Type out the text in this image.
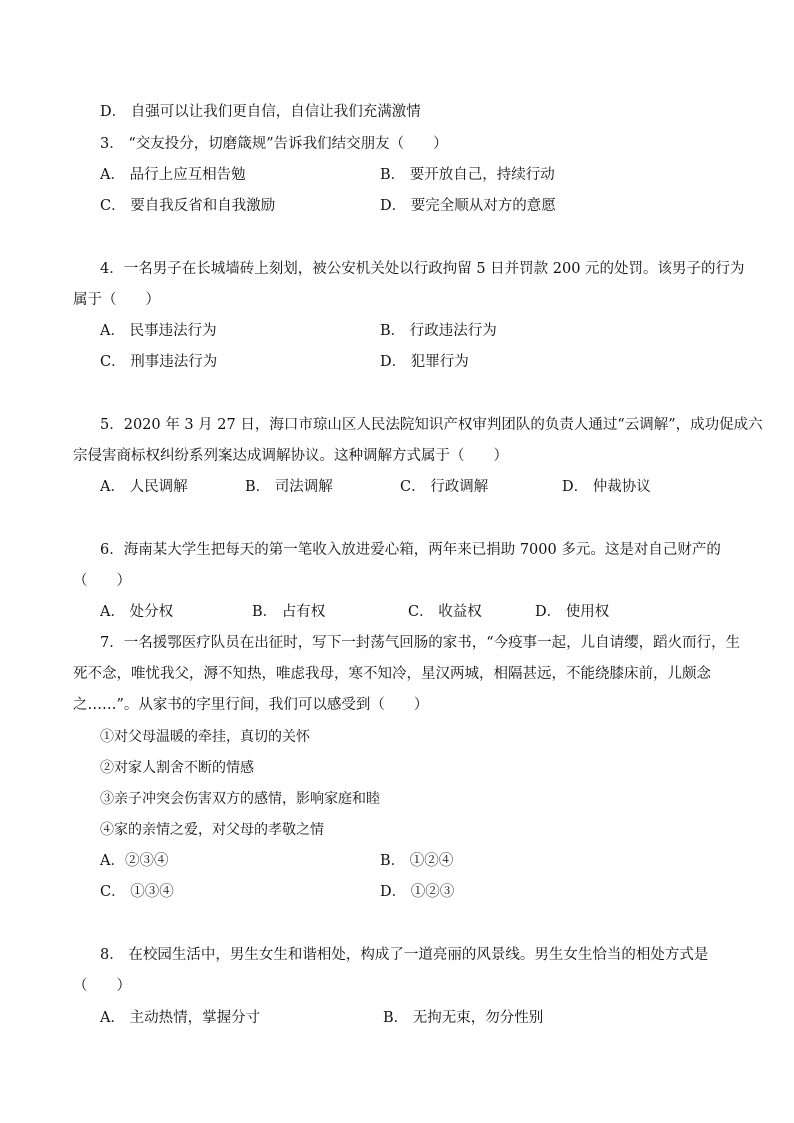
D． 自强可以让我们更自信，自信让我们充满激情
3． “交友投分，切磨箴规”告诉我们结交朋友（　　）
A． 品行上应互相告勉	B． 要开放自己，持续行动
C． 要自我反省和自我激励	D． 要完全顺从对方的意愿
4．一名男子在长城墙砖上刻划，被公安机关处以行政拘留 5 日并罚款 200 元的处罚。该男子的行为
属于（　　）
A． 民事违法行为	B． 行政违法行为
C． 刑事违法行为	D． 犯罪行为
5．2020 年 3 月 27 日，海口市琼山区人民法院知识产权审判团队的负责人通过“云调解”，成功促成六
宗侵害商标权纠纷系列案达成调解协议。这种调解方式属于（　　）
A． 人民调解	B． 司法调解	C． 行政调解	D． 仲裁协议
6．海南某大学生把每天的第一笔收入放进爱心箱，两年来已捐助 7000 多元。这是对自己财产的
（　　）
A． 处分权	B． 占有权	C． 收益权	D． 使用权
7．一名援鄂医疗队员在出征时，写下一封荡气回肠的家书，“今疫事一起，儿自请缨，蹈火而行，生
死不念，唯忧我父，溽不知热，唯虑我母，寒不知冷，星汉两城，相隔甚远，不能绕膝床前，儿颇念
之……”。从家书的字里行间，我们可以感受到（　　）
①对父母温暖的牵挂，真切的关怀
②对家人割舍不断的情感
③亲子冲突会伤害双方的感情，影响家庭和睦
④家的亲情之爱，对父母的孝敬之情
A．②③④	B． ①②④
C． ①③④	D． ①②③
8． 在校园生活中，男生女生和谐相处，构成了一道亮丽的风景线。男生女生恰当的相处方式是
（　　）
A． 主动热情，掌握分寸	B． 无拘无束，勿分性别
